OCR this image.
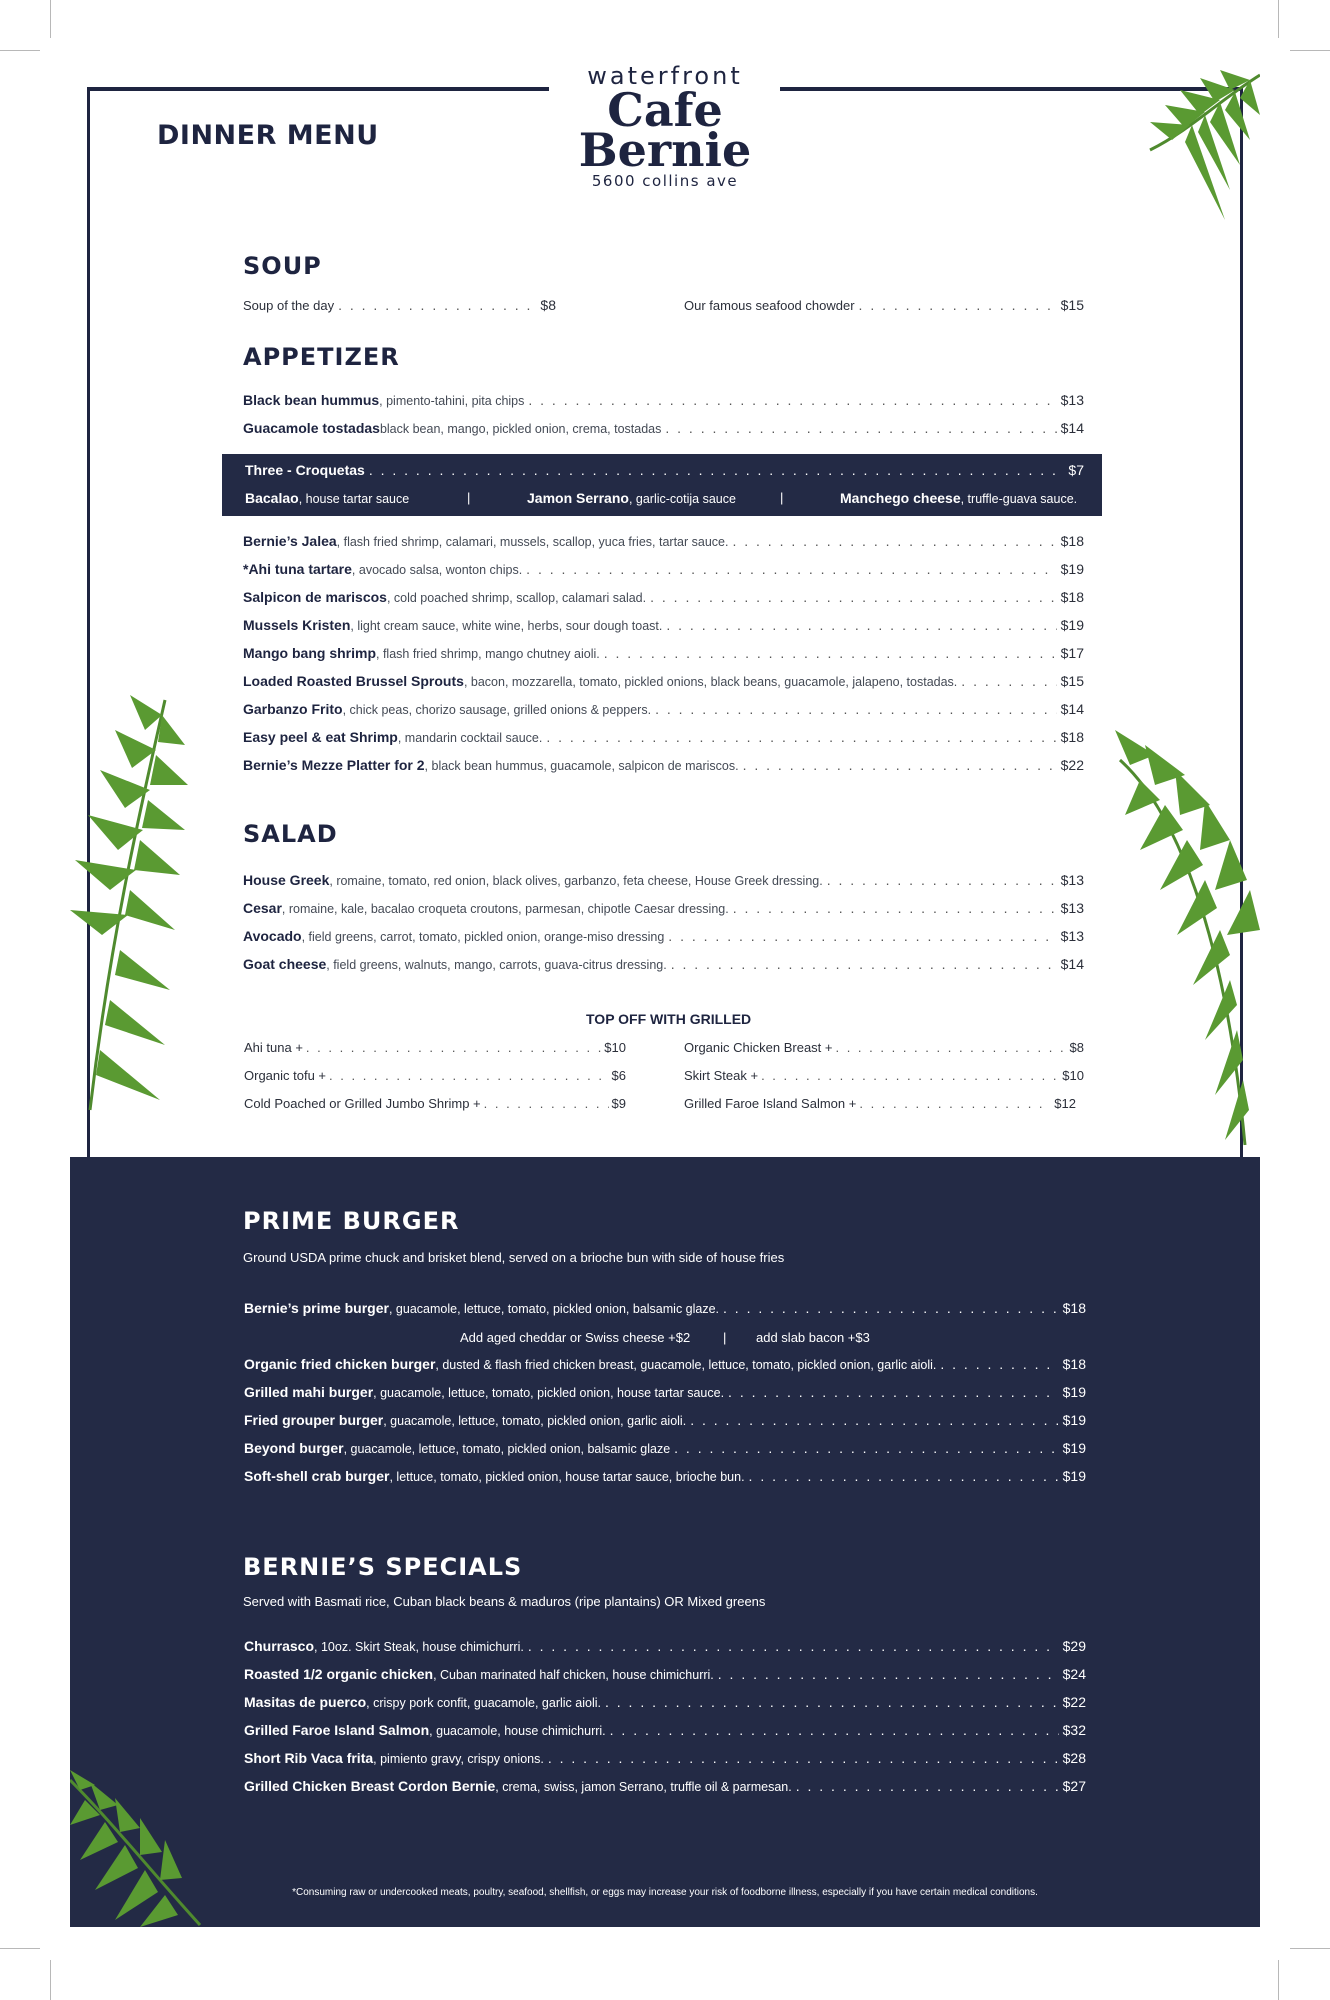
DINNER MENU
waterfront
Cafe
Bernie
5600 collins ave
SOUP
Soup of the day . . .	$8	Our famous seafood chowder . . .	$15
APPETIZER
Black bean hummus , pimento-tahini, pita chips . . .	$13
Guacamole tostadas black bean, mango, pickled onion, crema, tostadas . . .	$14
Three - Croquetas . . .	$7
Bacalao , house tartar sauce	|	Jamon Serrano , garlic-cotija sauce	|	Manchego cheese , truffle-guava sauce.
Bernie’s Jalea , flash fried shrimp, calamari, mussels, scallop, yuca fries, tartar sauce. . . .	$18
*Ahi tuna tartare , avocado salsa, wonton chips. . . .	$19
Salpicon de mariscos , cold poached shrimp, scallop, calamari salad. . . .	$18
Mussels Kristen , light cream sauce, white wine, herbs, sour dough toast. . . .	$19
Mango bang shrimp , flash fried shrimp, mango chutney aioli. . . .	$17
Loaded Roasted Brussel Sprouts , bacon, mozzarella, tomato, pickled onions, black beans, guacamole, jalapeno, tostadas. . . .	$15
Garbanzo Frito , chick peas, chorizo sausage, grilled onions & peppers. . . .	$14
Easy peel & eat Shrimp , mandarin cocktail sauce. . . .	$18
Bernie’s Mezze Platter for 2 , black bean hummus, guacamole, salpicon de mariscos. . . .	$22
SALAD
House Greek , romaine, tomato, red onion, black olives, garbanzo, feta cheese, House Greek dressing. . . .	$13
Cesar , romaine, kale, bacalao croqueta croutons, parmesan, chipotle Caesar dressing. . . .	$13
Avocado , field greens, carrot, tomato, pickled onion, orange-miso dressing . . .	$13
Goat cheese , field greens, walnuts, mango, carrots, guava-citrus dressing. . . .	$14
TOP OFF WITH GRILLED
Ahi tuna + . . .	$10
Organic tofu + . . .	$6
Cold Poached or Grilled Jumbo Shrimp + . . .	$9
Organic Chicken Breast + . . .	$8
Skirt Steak + . . .	$10
Grilled Faroe Island Salmon + . . .	$12
PRIME BURGER
Ground USDA prime chuck and brisket blend, served on a brioche bun with side of house fries
Bernie’s prime burger , guacamole, lettuce, tomato, pickled onion, balsamic glaze. . . .	$18
Add aged cheddar or Swiss cheese +$2	| add slab bacon +$3
Organic fried chicken burger , dusted & flash fried chicken breast, guacamole, lettuce, tomato, pickled onion, garlic aioli. . . .	$18
Grilled mahi burger , guacamole, lettuce, tomato, pickled onion, house tartar sauce. . . .	$19
Fried grouper burger , guacamole, lettuce, tomato, pickled onion, garlic aioli. . . .	$19
Beyond burger , guacamole, lettuce, tomato, pickled onion, balsamic glaze . . .	$19
Soft-shell crab burger , lettuce, tomato, pickled onion, house tartar sauce, brioche bun. . . .	$19
BERNIE’S SPECIALS
Served with Basmati rice, Cuban black beans & maduros (ripe plantains) OR Mixed greens
Churrasco , 10oz. Skirt Steak, house chimichurri. . . .	$29
Roasted 1/2 organic chicken , Cuban marinated half chicken, house chimichurri. . . .	$24
Masitas de puerco , crispy pork confit, guacamole, garlic aioli. . . .	$22
Grilled Faroe Island Salmon , guacamole, house chimichurri. . . .	$32
Short Rib Vaca frita , pimiento gravy, crispy onions. . . .	$28
Grilled Chicken Breast Cordon Bernie , crema, swiss, jamon Serrano, truffle oil & parmesan. . . .	$27
*Consuming raw or undercooked meats, poultry, seafood, shellfish, or eggs may increase your risk of foodborne illness, especially if you have certain medical conditions.
